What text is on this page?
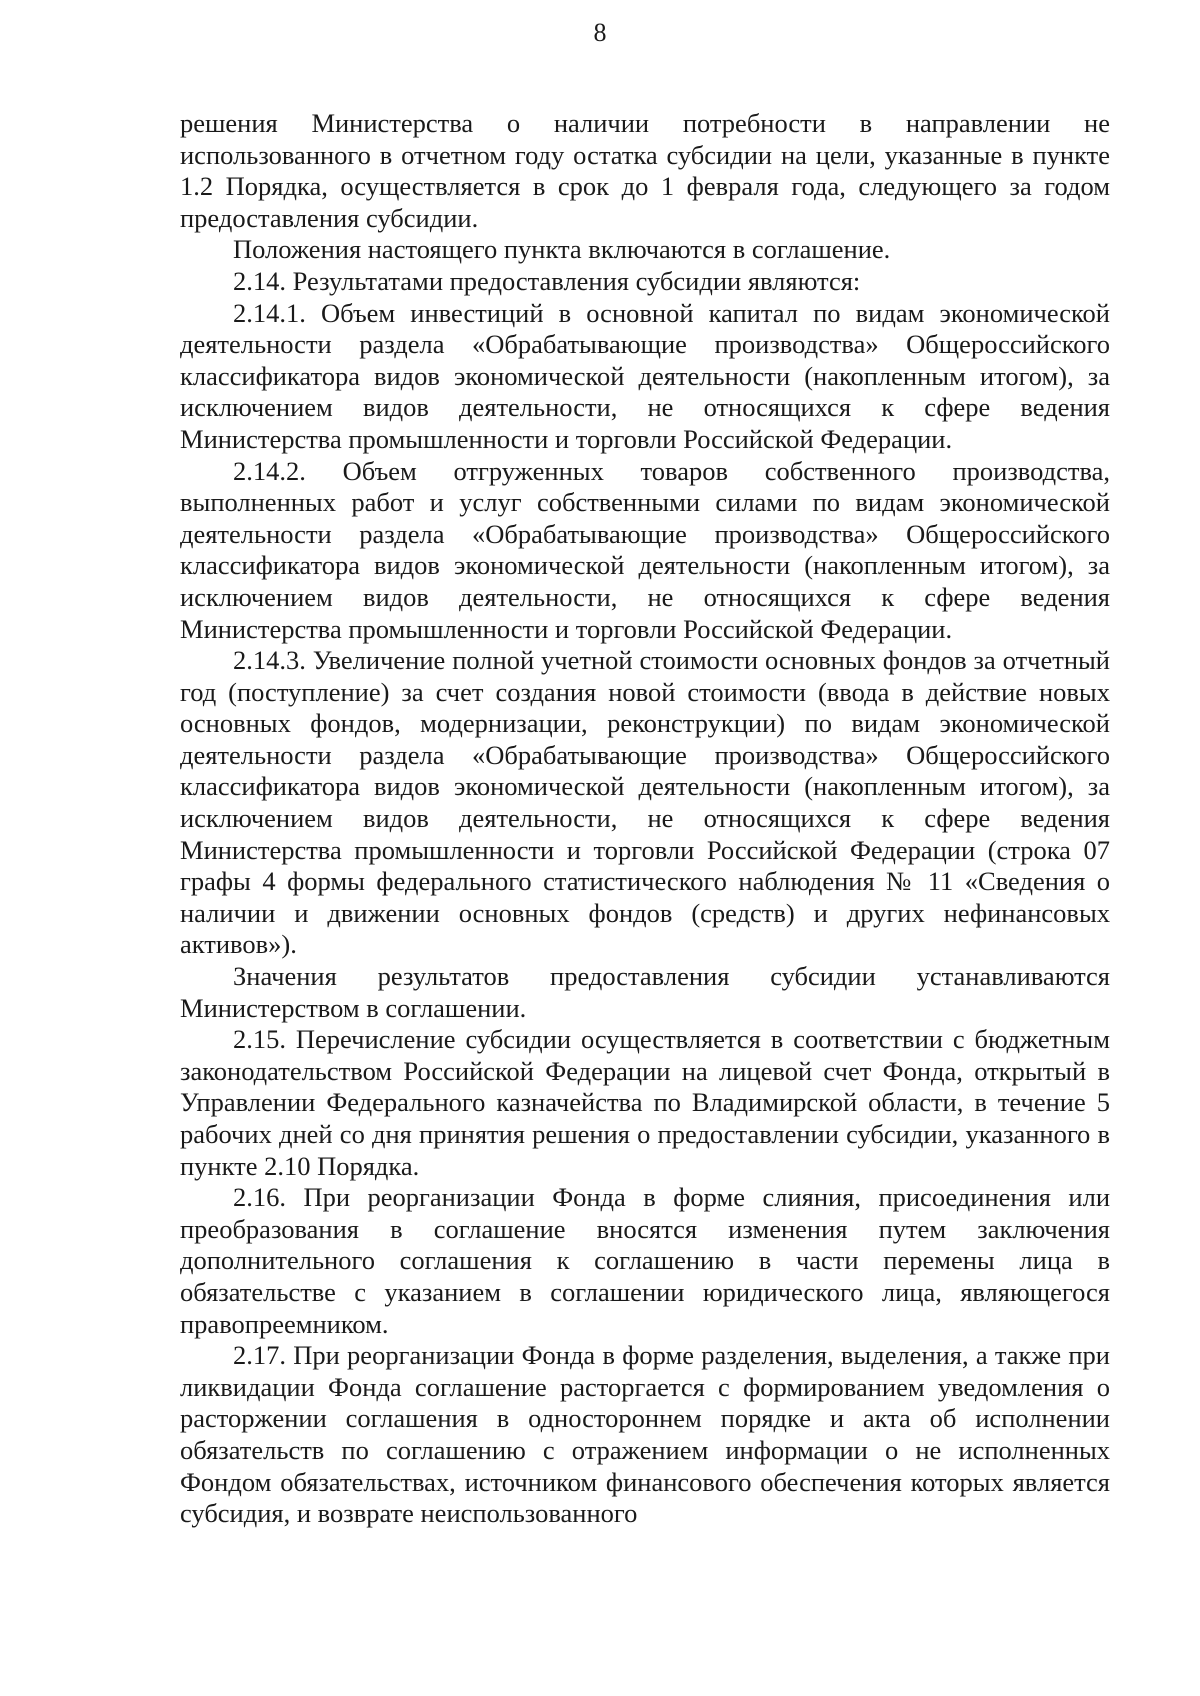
8

решения Министерства о наличии потребности в направлении не использованного в отчетном году остатка субсидии на цели, указанные в пункте 1.2 Порядка, осуществляется в срок до 1 февраля года, следующего за годом предоставления субсидии.

Положения настоящего пункта включаются в соглашение.

2.14. Результатами предоставления субсидии являются:

2.14.1. Объем инвестиций в основной капитал по видам экономической деятельности раздела «Обрабатывающие производства» Общероссийского классификатора видов экономической деятельности (накопленным итогом), за исключением видов деятельности, не относящихся к сфере ведения Министерства промышленности и торговли Российской Федерации.

2.14.2. Объем отгруженных товаров собственного производства, выполненных работ и услуг собственными силами по видам экономической деятельности раздела «Обрабатывающие производства» Общероссийского классификатора видов экономической деятельности (накопленным итогом), за исключением видов деятельности, не относящихся к сфере ведения Министерства промышленности и торговли Российской Федерации.

2.14.3. Увеличение полной учетной стоимости основных фондов за отчетный год (поступление) за счет создания новой стоимости (ввода в действие новых основных фондов, модернизации, реконструкции) по видам экономической деятельности раздела «Обрабатывающие производства» Общероссийского классификатора видов экономической деятельности (накопленным итогом), за исключением видов деятельности, не относящихся к сфере ведения Министерства промышленности и торговли Российской Федерации (строка 07 графы 4 формы федерального статистического наблюдения № 11 «Сведения о наличии и движении основных фондов (средств) и других нефинансовых активов»).

Значения результатов предоставления субсидии устанавливаются Министерством в соглашении.

2.15. Перечисление субсидии осуществляется в соответствии с бюджетным законодательством Российской Федерации на лицевой счет Фонда, открытый в Управлении Федерального казначейства по Владимирской области, в течение 5 рабочих дней со дня принятия решения о предоставлении субсидии, указанного в пункте 2.10 Порядка.

2.16. При реорганизации Фонда в форме слияния, присоединения или преобразования в соглашение вносятся изменения путем заключения дополнительного соглашения к соглашению в части перемены лица в обязательстве с указанием в соглашении юридического лица, являющегося правопреемником.

2.17. При реорганизации Фонда в форме разделения, выделения, а также при ликвидации Фонда соглашение расторгается с формированием уведомления о расторжении соглашения в одностороннем порядке и акта об исполнении обязательств по соглашению с отражением информации о не исполненных Фондом обязательствах, источником финансового обеспечения которых является субсидия, и возврате неиспользованного
